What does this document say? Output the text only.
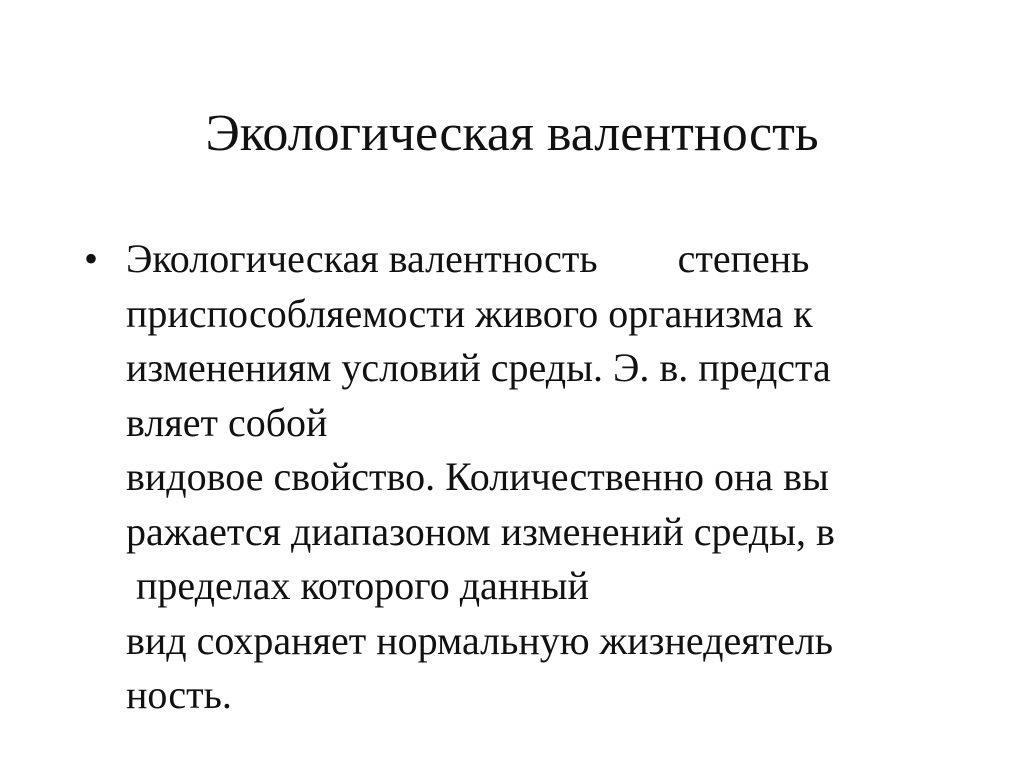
Экологическая валентность
• Экологическая валентность        степень
приспособляемости живого организма к
изменениям условий среды. Э. в. предста
вляет собой
видовое свойство. Количественно она вы
ражается диапазоном изменений среды, в
пределах которого данный
вид сохраняет нормальную жизнедеятель
ность.
